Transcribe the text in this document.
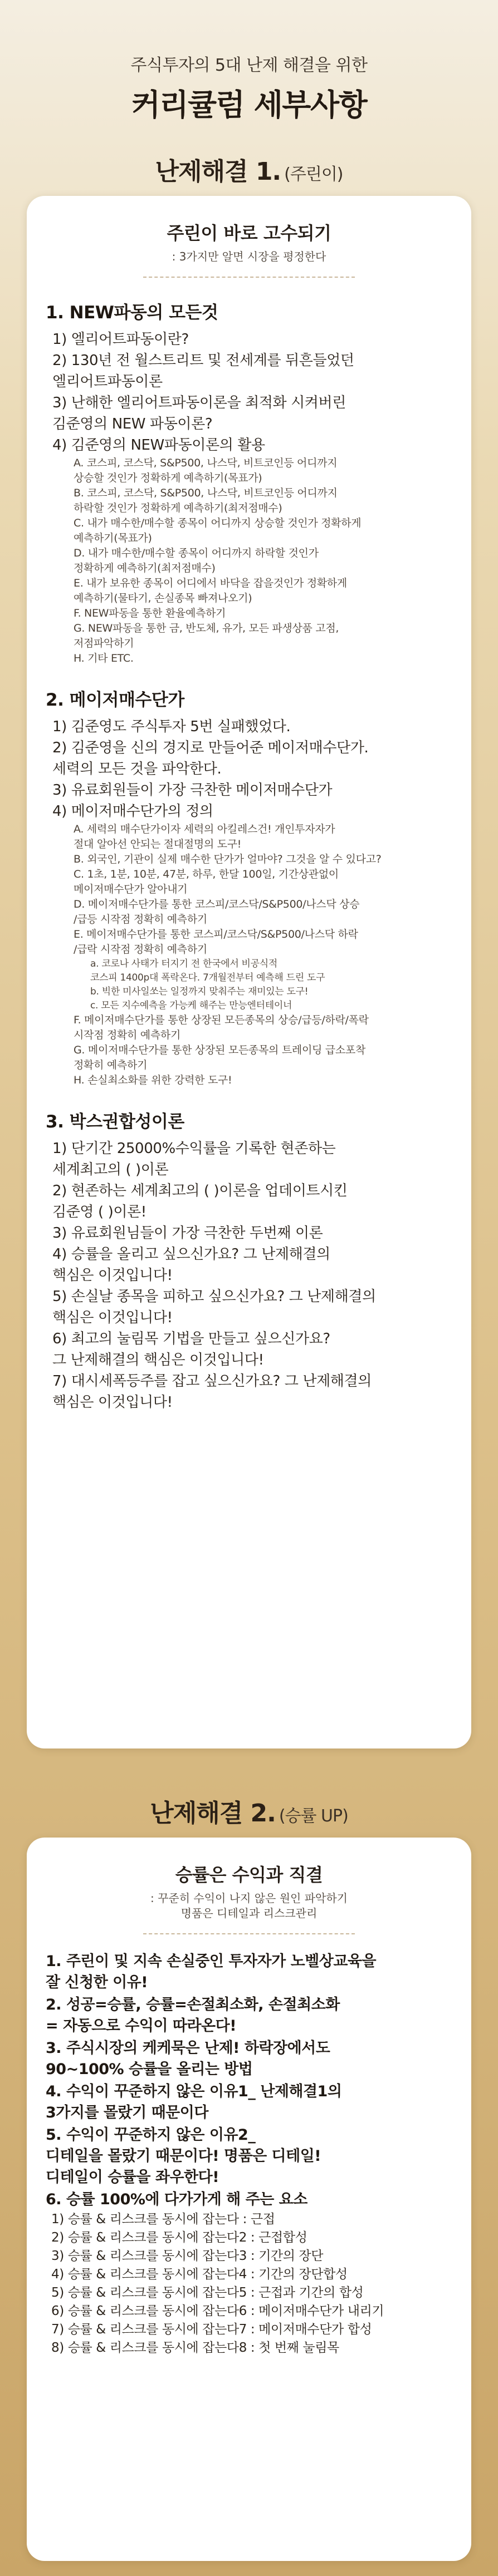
주식투자의 5대 난제 해결을 위한
커리큘럼 세부사항
난제해결 1. (주린이)
주린이 바로 고수되기
: 3가지만 알면 시장을 평정한다
1. NEW파동의 모든것
1) 엘리어트파동이란?
2) 130년 전 월스트리트 및 전세계를 뒤흔들었던
엘리어트파동이론
3) 난해한 엘리어트파동이론을 최적화 시켜버린
김준영의 NEW 파동이론?
4) 김준영의 NEW파동이론의 활용
A. 코스피, 코스닥, S&P500, 나스닥, 비트코인등 어디까지
상승할 것인가 정확하게 예측하기(목표가)
B. 코스피, 코스닥, S&P500, 나스닥, 비트코인등 어디까지
하락할 것인가 정확하게 예측하기(최저점매수)
C. 내가 매수한/매수할 종목이 어디까지 상승할 것인가 정확하게
예측하기(목표가)
D. 내가 매수한/매수할 종목이 어디까지 하락할 것인가
정확하게 예측하기(최저점매수)
E. 내가 보유한 종목이 어디에서 바닥을 잡을것인가 정확하게
예측하기(물타기, 손실종목 빠져나오기)
F. NEW파동을 통한 환율예측하기
G. NEW파동을 통한 금, 반도체, 유가, 모든 파생상품 고점,
저점파악하기
H. 기타 ETC.
2. 메이저매수단가
1) 김준영도 주식투자 5번 실패했었다.
2) 김준영을 신의 경지로 만들어준 메이저매수단가.
세력의 모든 것을 파악한다.
3) 유료회원들이 가장 극찬한 메이저매수단가
4) 메이저매수단가의 정의
A. 세력의 매수단가이자 세력의 아킬레스건! 개인투자자가
절대 알아선 안되는 절대절명의 도구!
B. 외국인, 기관이 실제 매수한 단가가 얼마야? 그것을 알 수 있다고?
C. 1초, 1분, 10분, 47분, 하루, 한달 100일, 기간상관없이
메이저매수단가 알아내기
D. 메이저매수단가를 통한 코스피/코스닥/S&P500/나스닥 상승
/급등 시작점 정확히 예측하기
E. 메이저매수단가를 통한 코스피/코스닥/S&P500/나스닥 하락
/급락 시작점 정확히 예측하기
a. 코로나 사태가 터지기 전 한국에서 비공식적
코스피 1400p대 폭락온다. 7개월전부터 예측해 드린 도구
b. 빅한 미사일쏘는 일정까지 맞춰주는 재미있는 도구!
c. 모든 지수예측을 가능케 해주는 만능엔터테이너
F. 메이저매수단가를 통한 상장된 모든종목의 상승/급등/하락/폭락
시작점 정확히 예측하기
G. 메이저매수단가를 통한 상장된 모든종목의 트레이딩 급소포착
정확히 예측하기
H. 손실최소화를 위한 강력한 도구!
3. 박스권합성이론
1) 단기간 25000%수익률을 기록한 현존하는
세계최고의 ( )이론
2) 현존하는 세계최고의 ( )이론을 업데이트시킨
김준영 ( )이론!
3) 유료회원님들이 가장 극찬한 두번째 이론
4) 승률을 올리고 싶으신가요? 그 난제해결의
핵심은 이것입니다!
5) 손실날 종목을 피하고 싶으신가요? 그 난제해결의
핵심은 이것입니다!
6) 최고의 눌림목 기법을 만들고 싶으신가요?
그 난제해결의 핵심은 이것입니다!
7) 대시세폭등주를 잡고 싶으신가요? 그 난제해결의
핵심은 이것입니다!
난제해결 2. (승률 UP)
승률은 수익과 직결
: 꾸준히 수익이 나지 않은 원인 파악하기
명품은 디테일과 리스크관리
1. 주린이 및 지속 손실중인 투자자가 노벨상교육을
잘 신청한 이유!
2. 성공=승률, 승률=손절최소화, 손절최소화
= 자동으로 수익이 따라온다!
3. 주식시장의 케케묵은 난제! 하락장에서도
90~100% 승률을 올리는 방법
4. 수익이 꾸준하지 않은 이유1_ 난제해결1의
3가지를 몰랐기 때문이다
5. 수익이 꾸준하지 않은 이유2_
디테일을 몰랐기 때문이다! 명품은 디테일!
디테일이 승률을 좌우한다!
6. 승률 100%에 다가가게 해 주는 요소
1) 승률 & 리스크를 동시에 잡는다 : 근접
2) 승률 & 리스크를 동시에 잡는다2 : 근접합성
3) 승률 & 리스크를 동시에 잡는다3 : 기간의 장단
4) 승률 & 리스크를 동시에 잡는다4 : 기간의 장단합성
5) 승률 & 리스크를 동시에 잡는다5 : 근접과 기간의 합성
6) 승률 & 리스크를 동시에 잡는다6 : 메이저매수단가 내리기
7) 승률 & 리스크를 동시에 잡는다7 : 메이저매수단가 합성
8) 승률 & 리스크를 동시에 잡는다8 : 첫 번째 눌림목
